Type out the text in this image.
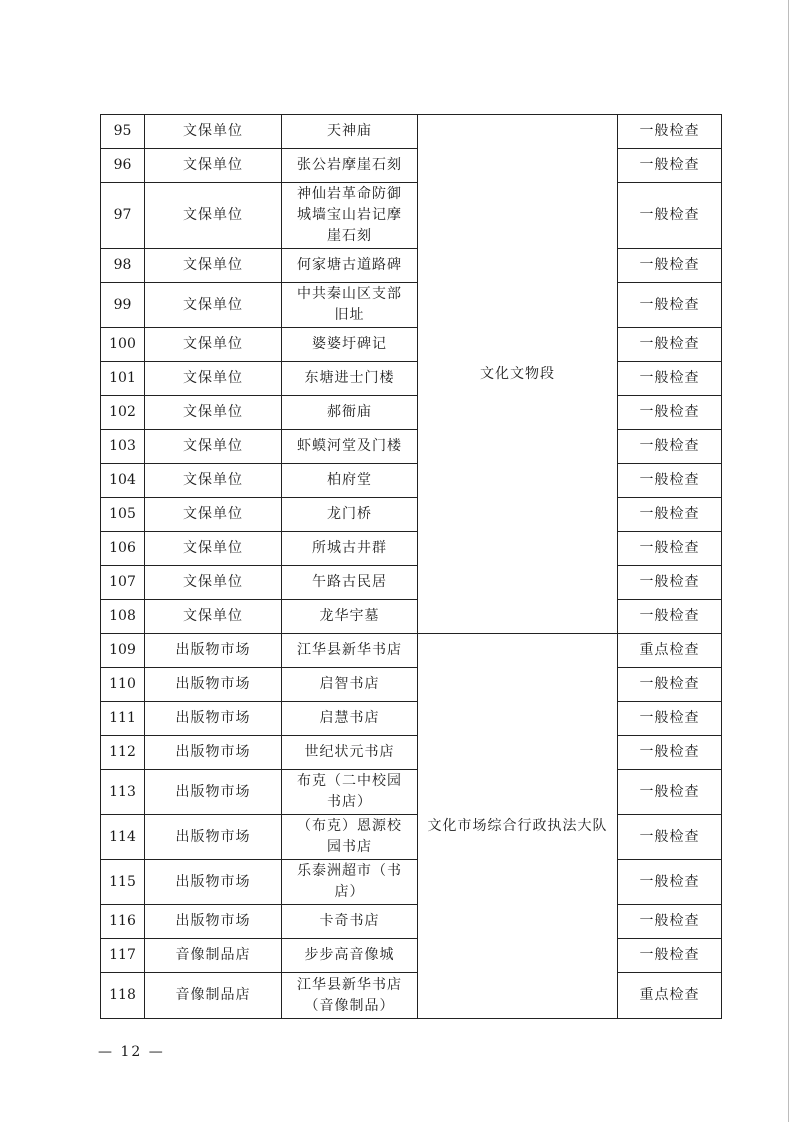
95	文保单位	天神庙	文化文物段	一般检查
96	文保单位	张公岩摩崖石刻		一般检查
97	文保单位	神仙岩革命防御城墙宝山岩记摩崖石刻		一般检查
98	文保单位	何家塘古道路碑		一般检查
99	文保单位	中共秦山区支部旧址		一般检查
100	文保单位	婆婆圩碑记		一般检查
101	文保单位	东塘进士门楼		一般检查
102	文保单位	郝衙庙		一般检查
103	文保单位	虾蟆河堂及门楼		一般检查
104	文保单位	柏府堂		一般检查
105	文保单位	龙门桥		一般检查
106	文保单位	所城古井群		一般检查
107	文保单位	午路古民居		一般检查
108	文保单位	龙华宇墓		一般检查
109	出版物市场	江华县新华书店	文化市场综合行政执法大队	重点检查
110	出版物市场	启智书店		一般检查
111	出版物市场	启慧书店		一般检查
112	出版物市场	世纪状元书店		一般检查
113	出版物市场	布克（二中校园书店）		一般检查
114	出版物市场	（布克）恩源校园书店		一般检查
115	出版物市场	乐泰洲超市（书店）		一般检查
116	出版物市场	卡奇书店		一般检查
117	音像制品店	步步高音像城		一般检查
118	音像制品店	江华县新华书店（音像制品）		重点检查
— 12 —
